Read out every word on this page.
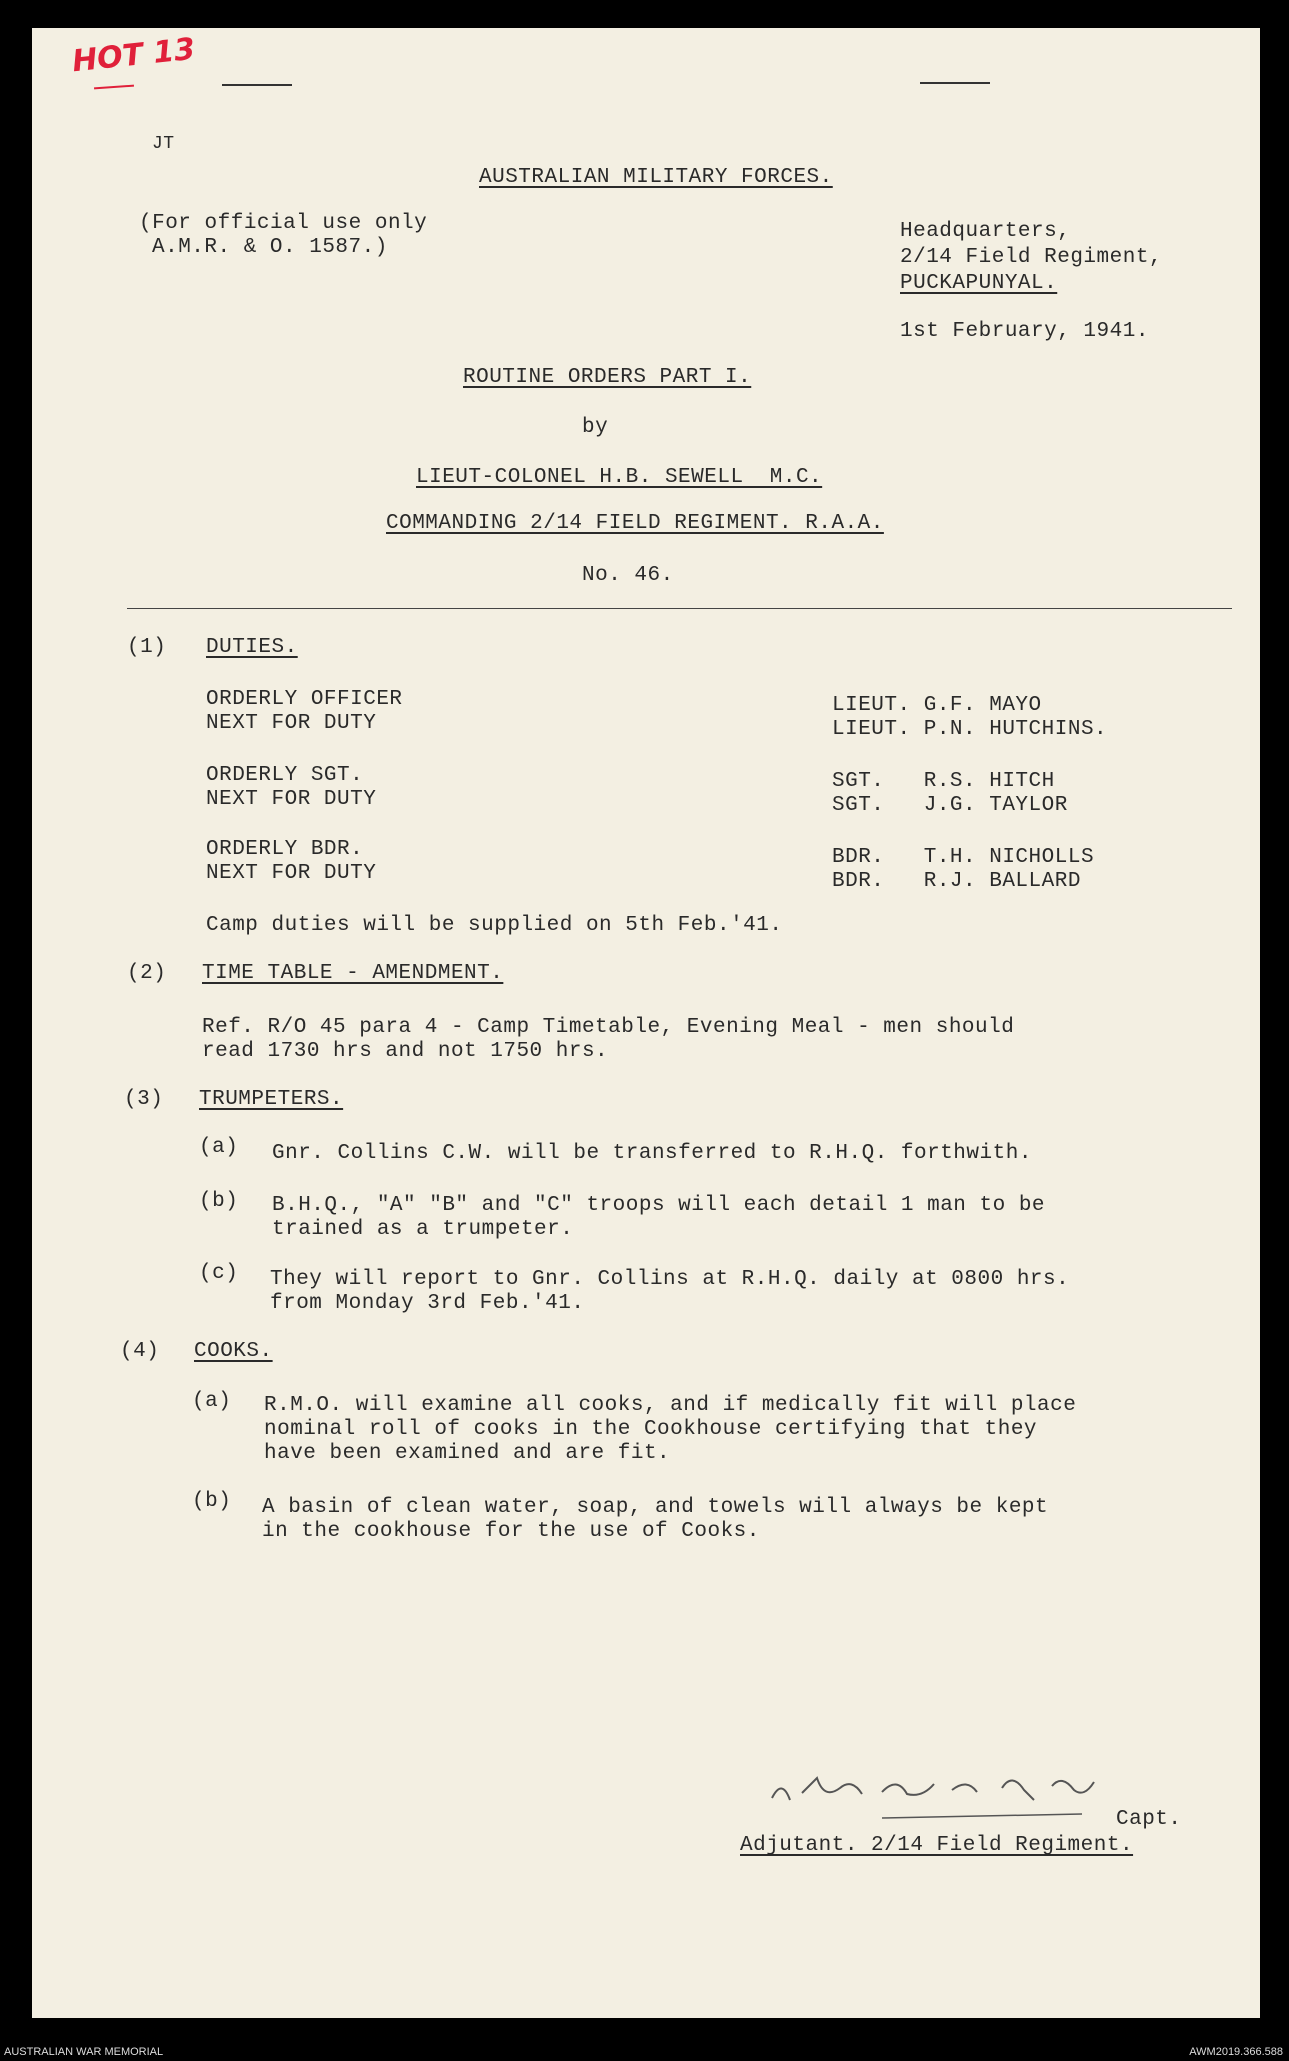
HOT 13
JT
AUSTRALIAN MILITARY FORCES.
(For official use only
A.M.R. & O. 1587.)
Headquarters,
2/14 Field Regiment,
PUCKAPUNYAL.
1st February, 1941.
ROUTINE ORDERS PART I.
by
LIEUT-COLONEL H.B. SEWELL  M.C.
COMMANDING 2/14 FIELD REGIMENT. R.A.A.
No. 46.
(1) DUTIES.
ORDERLY OFFICER
NEXT FOR DUTY
LIEUT. G.F. MAYO
LIEUT. P.N. HUTCHINS.
ORDERLY SGT.
NEXT FOR DUTY
SGT.   R.S. HITCH
SGT.   J.G. TAYLOR
ORDERLY BDR.
NEXT FOR DUTY
BDR.   T.H. NICHOLLS
BDR.   R.J. BALLARD
Camp duties will be supplied on 5th Feb.'41.
(2) TIME TABLE - AMENDMENT.
Ref. R/O 45 para 4 - Camp Timetable, Evening Meal - men should
read 1730 hrs and not 1750 hrs.
(3) TRUMPETERS.
(a) Gnr. Collins C.W. will be transferred to R.H.Q. forthwith.
(b) B.H.Q., "A" "B" and "C" troops will each detail 1 man to be
trained as a trumpeter.
(c) They will report to Gnr. Collins at R.H.Q. daily at 0800 hrs.
from Monday 3rd Feb.'41.
(4) COOKS.
(a) R.M.O. will examine all cooks, and if medically fit will place
nominal roll of cooks in the Cookhouse certifying that they
have been examined and are fit.
(b) A basin of clean water, soap, and towels will always be kept
in the cookhouse for the use of Cooks.
Capt.
Adjutant. 2/14 Field Regiment.
AUSTRALIAN WAR MEMORIAL	AWM2019.366.588
